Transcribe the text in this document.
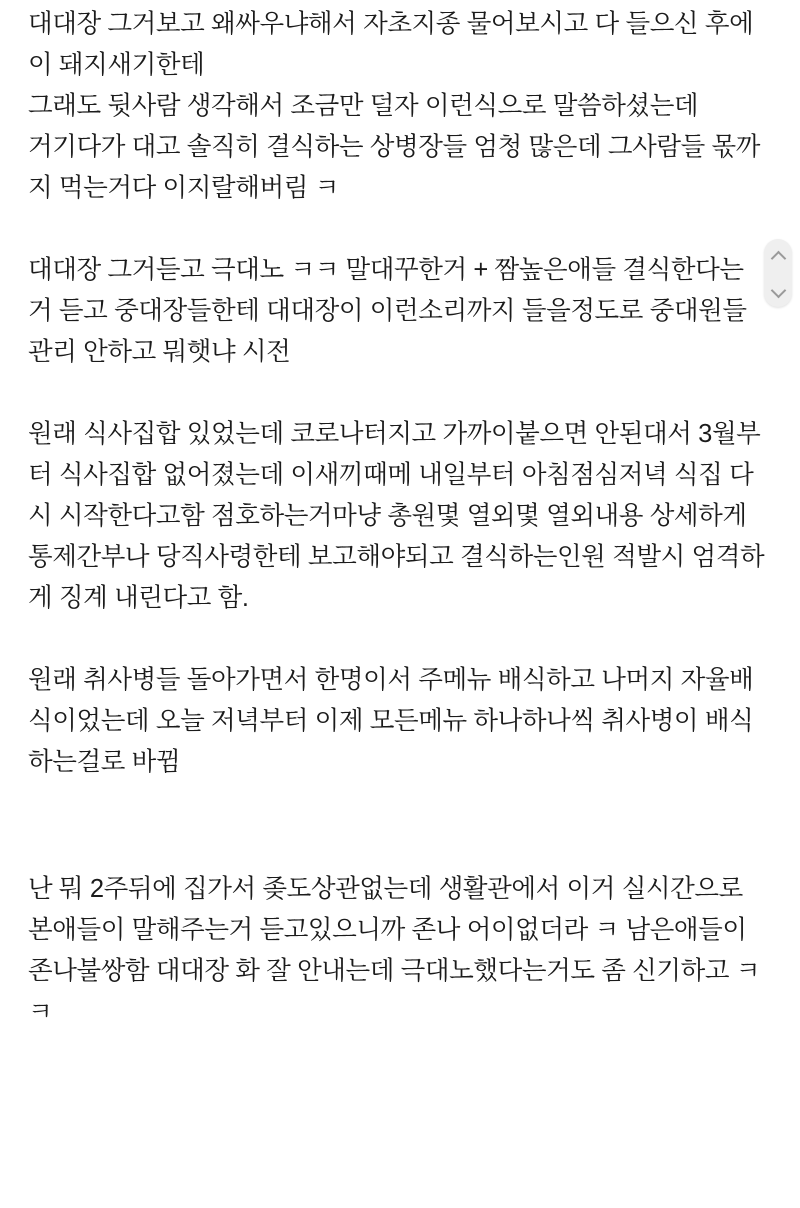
대대장 그거보고 왜싸우냐해서 자초지종 물어보시고 다 들으신 후에 이 돼지새기한테
그래도 뒷사람 생각해서 조금만 덜자 이런식으로 말씀하셨는데
거기다가 대고 솔직히 결식하는 상병장들 엄청 많은데 그사람들 몫까지 먹는거다 이지랄해버림 ㅋ

대대장 그거듣고 극대노 ㅋㅋ 말대꾸한거 + 짬높은애들 결식한다는거 듣고 중대장들한테 대대장이 이런소리까지 들을정도로 중대원들 관리 안하고 뭐햇냐 시전

원래 식사집합 있었는데 코로나터지고 가까이붙으면 안된대서 3월부터 식사집합 없어졌는데 이새끼때메 내일부터 아침점심저녁 식집 다시 시작한다고함 점호하는거마냥 총원몇 열외몇 열외내용 상세하게 통제간부나 당직사령한테 보고해야되고 결식하는인원 적발시 엄격하게 징계 내린다고 함.

원래 취사병들 돌아가면서 한명이서 주메뉴 배식하고 나머지 자율배식이었는데 오늘 저녁부터 이제 모든메뉴 하나하나씩 취사병이 배식하는걸로 바뀜

난 뭐 2주뒤에 집가서 좆도상관없는데 생활관에서 이거 실시간으로 본애들이 말해주는거 듣고있으니까 존나 어이없더라 ㅋ 남은애들이 존나불쌍함 대대장 화 잘 안내는데 극대노했다는거도 좀 신기하고 ㅋㅋ
